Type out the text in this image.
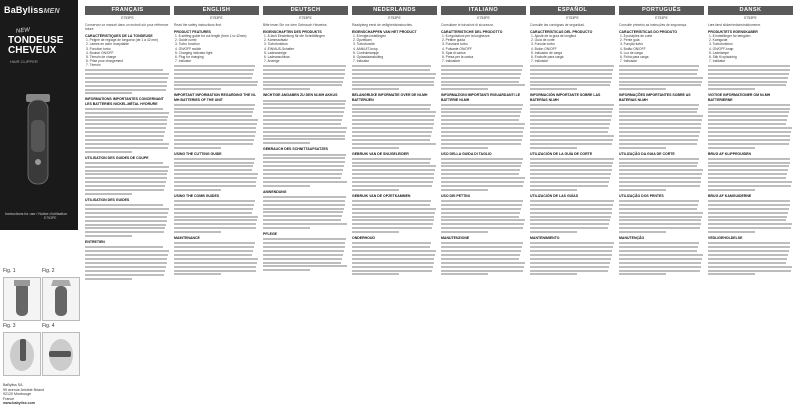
BaBylissMEN
NEW
TONDEUSE
CHEVEUX
HAIR CLIPPER
Instructions for use / Notice d'utilisation
E753PE
Fig. 1	Fig. 2
Fig. 3	Fig. 4
BaByliss SA
99 avenue Aristide Briand
92120 Montrouge
France
www.babyliss.com
FRANÇAIS
E753PE
Conservez ce manuel dans un endroit sûr pour référence future.
CARACTÉRISTIQUES DE LA TONDEUSE
1. Peigne de réglage de longueur (de 1 à 42 mm)
2. Lames en acier inoxydable
3. Fonction turbo
4. Bouton ON/OFF
5. Témoin de charge
6. Prise pour chargement
7. Témoin
INFORMATIONS IMPORTANTES CONCERNANT LES BATTERIES NICKEL-MÉTAL HYDRURE
UTILISATION DES GUIDES DE COUPE
UTILISATION DES GUIDES
ENTRETIEN
ENGLISH
E753PE
Read the safety instructions first.
PRODUCT FEATURES
1. 8-setting guide for cut length (from 1 to 42mm)
2. Guide comb
3. Turbo function
4. ON/OFF switch
5. Charging indicator light
6. Plug for charging
7. Indicator
IMPORTANT INFORMATION REGARDING THE NI-MH BATTERIES OF THE UNIT
USING THE CUTTING GUIDE
USING THE COMB GUIDES
MAINTENANCE
DEUTSCH
E753PE
Bitte lesen Sie vor dem Gebrauch Hinweise.
EIGENSCHAFTEN DES PRODUKTS
1. 8-fach Einstellung für die Schnittlängen
2. Kammaufsatz
3. Turbofunktion
4. EIN/AUS-Schalter
5. Ladeanzeige
6. Ladeanschluss
7. Anzeige
WICHTIGE ANGABEN ZU DEN NI-MH AKKUS
GEBRAUCH DES SCHNITTAUFSATZES
ANWENDUNG
PFLEGE
NEDERLANDS
E753PE
Raadpleeg eerst de veiligheidsinstructies.
EIGENSCHAPPEN VAN HET PRODUCT
1. 8 lengte-instellingen
2. Opzetkam
3. Turbofunctie
4. AAN/UIT-knop
5. Controlelampje
6. Oplaadaansluiting
7. Indicator
BELANGRIJKE INFORMATIE OVER DE NI-MH BATTERIJEN
GEBRUIK VAN DE SNIJGELEIDER
GEBRUIK VAN DE OPZETKAMMEN
ONDERHOUD
ITALIANO
E753PE
Consultare le istruzioni di sicurezza.
CARATTERISTICHE DEL PRODOTTO
1. 8 regolazioni per la lunghezza
2. Pettine guida
3. Funzione turbo
4. Pulsante ON/OFF
5. Spia di carica
6. Presa per la carica
7. Indicatore
INFORMAZIONI IMPORTANTI RIGUARDANTI LE BATTERIE NI-MH
USO DELLA GUIDA DI TAGLIO
USO DEI PETTINI
MANUTENZIONE
ESPAÑOL
E753PE
Consulte las consignas de seguridad.
CARACTERÍSTICAS DEL PRODUCTO
1. Ajuste de la guía de longitud
2. Guía de corte
3. Función turbo
4. Botón ON/OFF
5. Indicador de carga
6. Enchufe para carga
7. Indicador
INFORMACIÓN IMPORTANTE SOBRE LAS BATERÍAS NI-MH
UTILIZACIÓN DE LA GUÍA DE CORTE
UTILIZACIÓN DE LAS GUÍAS
MANTENIMIENTO
PORTUGUÊS
E753PE
Consulte primeiro as instruções de segurança.
CARACTERÍSTICAS DO PRODUTO
1. 8 posições de corte
2. Pente guia
3. Função turbo
4. Botão ON/OFF
5. Luz de carga
6. Ficha para carga
7. Indicador
INFORMAÇÕES IMPORTANTES SOBRE AS BATERIAS NI-MH
UTILIZAÇÃO DA GUIA DE CORTE
UTILIZAÇÃO DOS PENTES
MANUTENÇÃO
DANSK
E753PE
Læs først sikkerhedsinstruktionerne.
PRODUKTETS EGENSKABER
1. 8 indstillinger for længden
2. Kamguide
3. Turbofunktion
4. ON/OFF-knap
5. Ladelampe
6. Stik til opladning
7. Indikator
VIGTIGE INFORMATIONER OM NI-MH BATTERIERNE
BRUG AF KLIPPEGUIDEN
BRUG AF KAMGUIDERNE
VEDLIGEHOLDELSE
